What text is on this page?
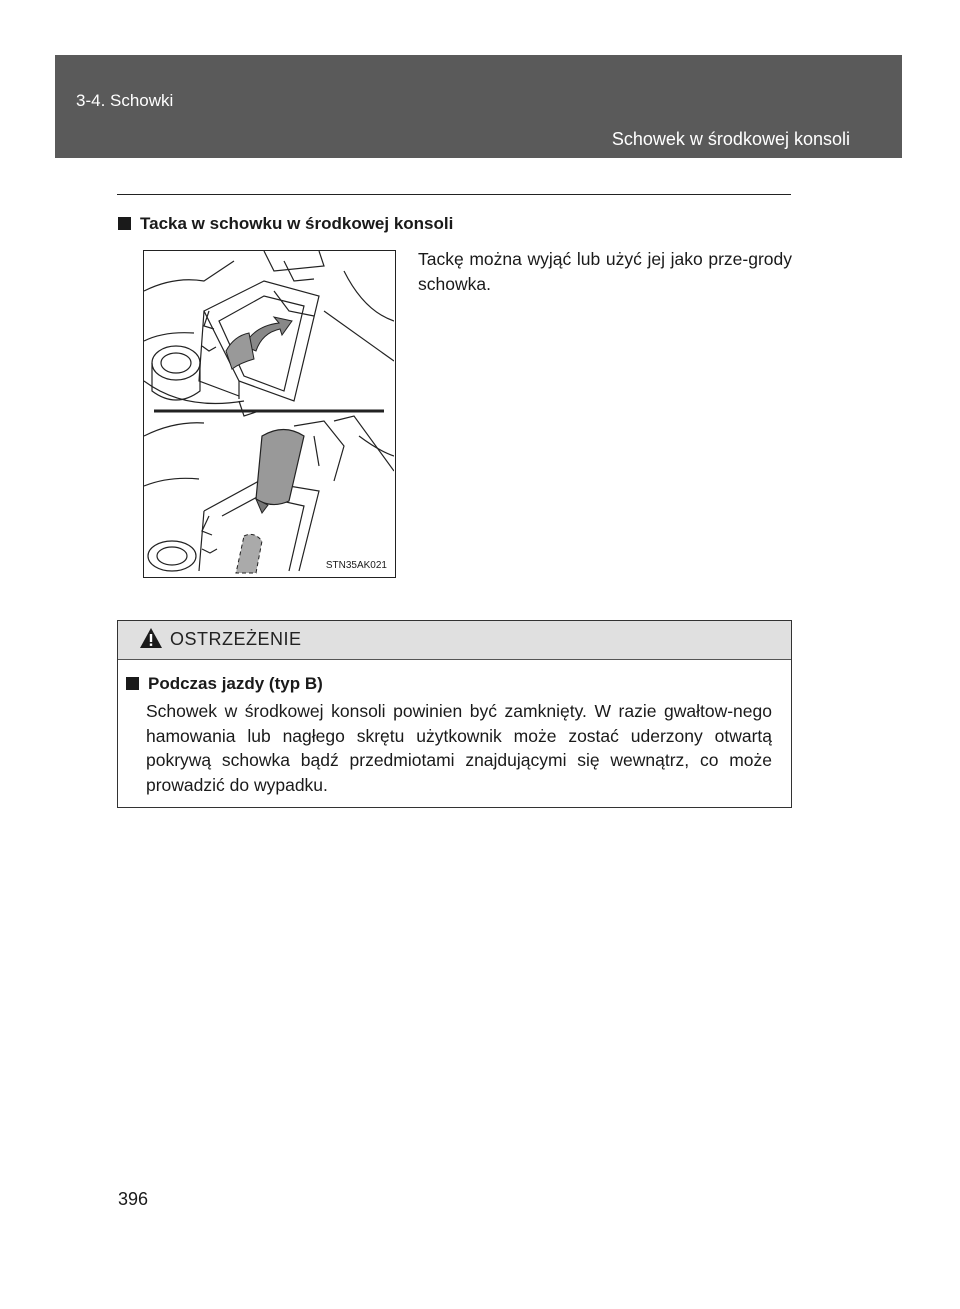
3-4. Schowki
Schowek w środkowej konsoli
Tacka w schowku w środkowej konsoli
STN35AK021

Tackę można wyjąć lub użyć jej jako prze-grody schowka.

OSTRZEŻENIE
Podczas jazdy (typ B)

Schowek w środkowej konsoli powinien być zamknięty. W razie gwałtow-nego hamowania lub nagłego skrętu użytkownik może zostać uderzony otwartą pokrywą schowka bądź przedmiotami znajdującymi się wewnątrz, co może prowadzić do wypadku.

396
